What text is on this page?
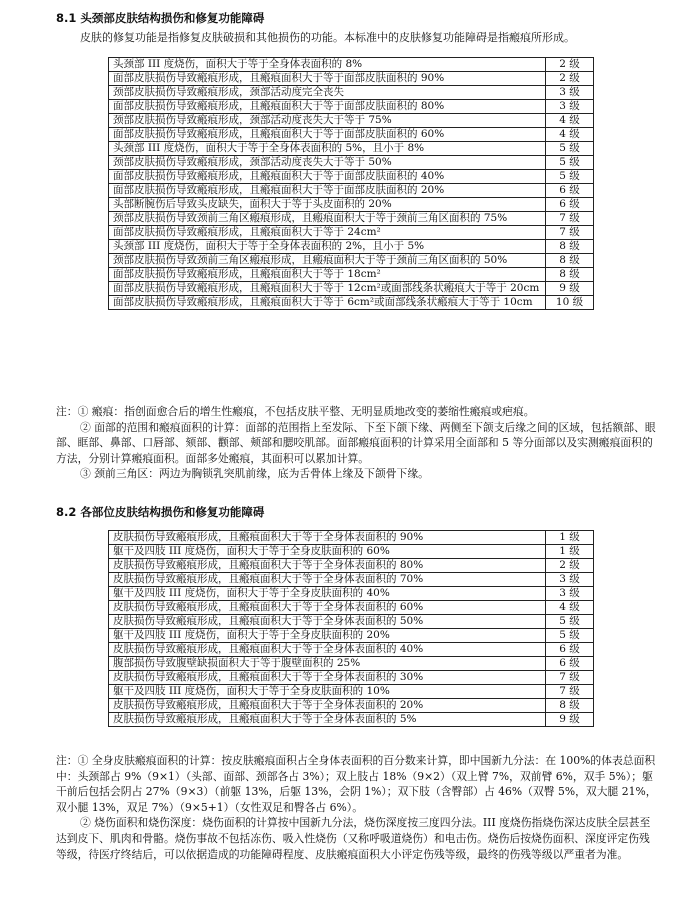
8.1 头颈部皮肤结构损伤和修复功能障碍
皮肤的修复功能是指修复皮肤破损和其他损伤的功能。本标准中的皮肤修复功能障碍是指瘢痕所形成。
头颈部 III 度烧伤，面积大于等于全身体表面积的 8%	2 级
面部皮肤损伤导致瘢痕形成，且瘢痕面积大于等于面部皮肤面积的 90%	2 级
颈部皮肤损伤导致瘢痕形成，颈部活动度完全丧失	3 级
面部皮肤损伤导致瘢痕形成，且瘢痕面积大于等于面部皮肤面积的 80%	3 级
颈部皮肤损伤导致瘢痕形成，颈部活动度丧失大于等于 75%	4 级
面部皮肤损伤导致瘢痕形成，且瘢痕面积大于等于面部皮肤面积的 60%	4 级
头颈部 III 度烧伤，面积大于等于全身体表面积的 5%，且小于 8%	5 级
颈部皮肤损伤导致瘢痕形成，颈部活动度丧失大于等于 50%	5 级
面部皮肤损伤导致瘢痕形成，且瘢痕面积大于等于面部皮肤面积的 40%	5 级
面部皮肤损伤导致瘢痕形成，且瘢痕面积大于等于面部皮肤面积的 20%	6 级
头部断腕伤后导致头皮缺失，面积大于等于头皮面积的 20%	6 级
颈部皮肤损伤导致颈前三角区瘢痕形成，且瘢痕面积大于等于颈前三角区面积的 75%	7 级
面部皮肤损伤导致瘢痕形成，且瘢痕面积大于等于 24cm²	7 级
头颈部 III 度烧伤，面积大于等于全身体表面积的 2%，且小于 5%	8 级
颈部皮肤损伤导致颈前三角区瘢痕形成，且瘢痕面积大于等于颈前三角区面积的 50%	8 级
面部皮肤损伤导致瘢痕形成，且瘢痕面积大于等于 18cm²	8 级
面部皮肤损伤导致瘢痕形成，且瘢痕面积大于等于 12cm²或面部线条状瘢痕大于等于 20cm	9 级
面部皮肤损伤导致瘢痕形成，且瘢痕面积大于等于 6cm²或面部线条状瘢痕大于等于 10cm	10 级

注：① 瘢痕：指创面愈合后的增生性瘢痕，不包括皮肤平整、无明显质地改变的萎缩性瘢痕或疤痕。

② 面部的范围和瘢痕面积的计算：面部的范围指上至发际、下至下颌下缘、两侧至下颌支后缘之间的区域，包括额部、眼部、眶部、鼻部、口唇部、颏部、颧部、颊部和腮咬肌部。面部瘢痕面积的计算采用全面部和 5 等分面部以及实测瘢痕面积的方法，分别计算瘢痕面积。面部多处瘢痕，其面积可以累加计算。

③ 颈前三角区：两边为胸锁乳突肌前缘，底为舌骨体上缘及下颌骨下缘。

8.2 各部位皮肤结构损伤和修复功能障碍
皮肤损伤导致瘢痕形成，且瘢痕面积大于等于全身体表面积的 90%	1 级
躯干及四肢 III 度烧伤，面积大于等于全身皮肤面积的 60%	1 级
皮肤损伤导致瘢痕形成，且瘢痕面积大于等于全身体表面积的 80%	2 级
皮肤损伤导致瘢痕形成，且瘢痕面积大于等于全身体表面积的 70%	3 级
躯干及四肢 III 度烧伤，面积大于等于全身皮肤面积的 40%	3 级
皮肤损伤导致瘢痕形成，且瘢痕面积大于等于全身体表面积的 60%	4 级
皮肤损伤导致瘢痕形成，且瘢痕面积大于等于全身体表面积的 50%	5 级
躯干及四肢 III 度烧伤，面积大于等于全身皮肤面积的 20%	5 级
皮肤损伤导致瘢痕形成，且瘢痕面积大于等于全身体表面积的 40%	6 级
腹部损伤导致腹壁缺损面积大于等于腹壁面积的 25%	6 级
皮肤损伤导致瘢痕形成，且瘢痕面积大于等于全身体表面积的 30%	7 级
躯干及四肢 III 度烧伤，面积大于等于全身皮肤面积的 10%	7 级
皮肤损伤导致瘢痕形成，且瘢痕面积大于等于全身体表面积的 20%	8 级
皮肤损伤导致瘢痕形成，且瘢痕面积大于等于全身体表面积的 5%	9 级

注：① 全身皮肤瘢痕面积的计算：按皮肤瘢痕面积占全身体表面积的百分数来计算，即中国新九分法：在 100%的体表总面积中：头颈部占 9%（9×1）（头部、面部、颈部各占 3%）；双上肢占 18%（9×2）（双上臂 7%，双前臂 6%，双手 5%）；躯干前后包括会阴占 27%（9×3）（前躯 13%，后躯 13%，会阴 1%）；双下肢（含臀部）占 46%（双臀 5%，双大腿 21%，双小腿 13%，双足 7%）（9×5+1）（女性双足和臀各占 6%）。

② 烧伤面积和烧伤深度：烧伤面积的计算按中国新九分法，烧伤深度按三度四分法。III 度烧伤指烧伤深达皮肤全层甚至达到皮下、肌肉和骨骼。烧伤事故不包括冻伤、吸入性烧伤（又称呼吸道烧伤）和电击伤。烧伤后按烧伤面积、深度评定伤残等级，待医疗终结后，可以依据造成的功能障碍程度、皮肤瘢痕面积大小评定伤残等级，最终的伤残等级以严重者为准。
